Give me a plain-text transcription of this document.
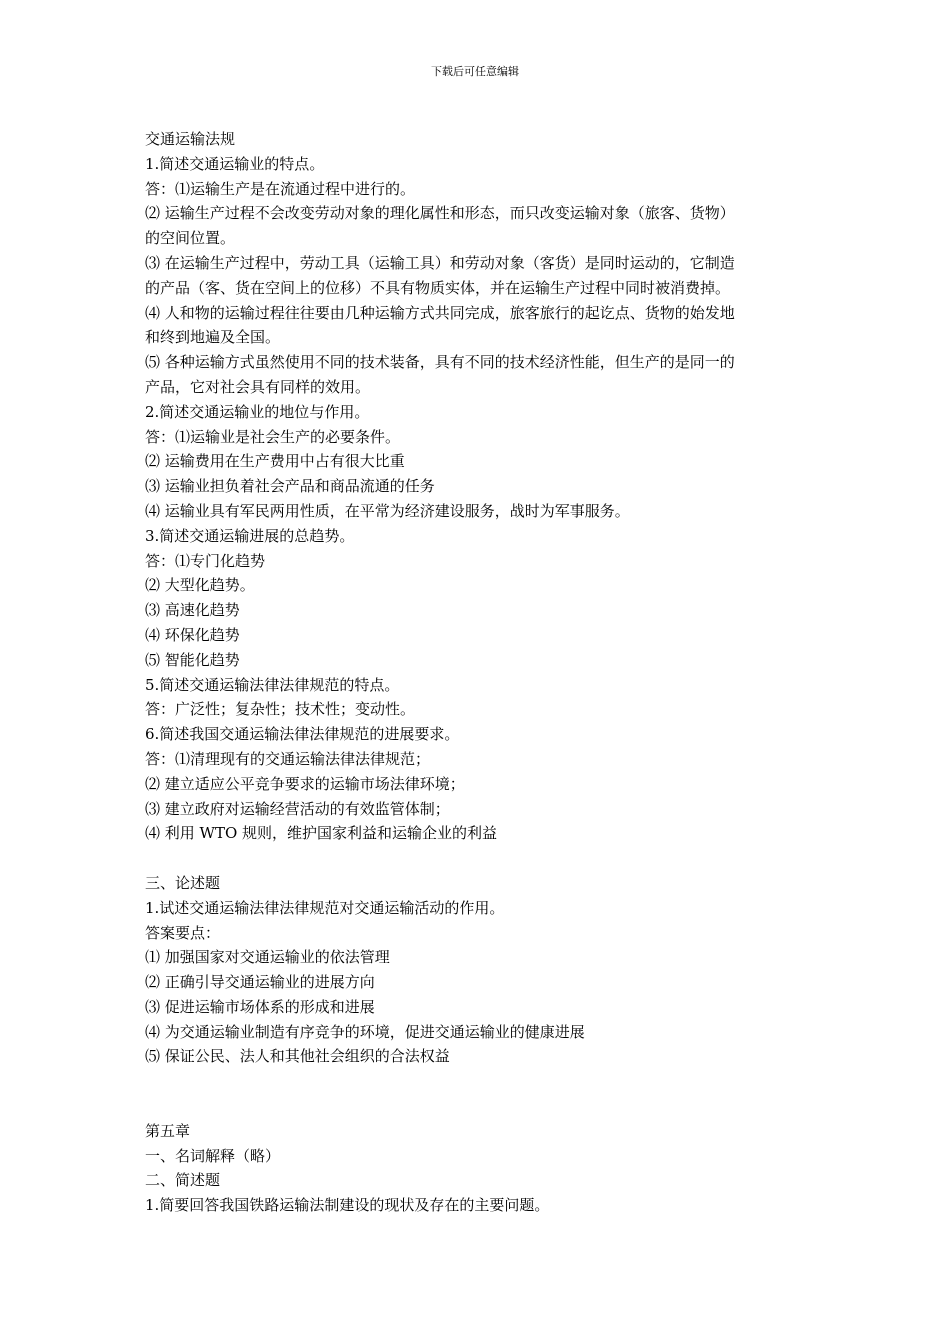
下载后可任意编辑
交通运输法规
1.简述交通运输业的特点。
答：⑴运输生产是在流通过程中进行的。
⑵ 运输生产过程不会改变劳动对象的理化属性和形态，而只改变运输对象（旅客、货物）
的空间位置。
⑶ 在运输生产过程中，劳动工具（运输工具）和劳动对象（客货）是同时运动的，它制造
的产品（客、货在空间上的位移）不具有物质实体，并在运输生产过程中同时被消费掉。
⑷ 人和物的运输过程往往要由几种运输方式共同完成，旅客旅行的起讫点、货物的始发地
和终到地遍及全国。
⑸ 各种运输方式虽然使用不同的技术装备，具有不同的技术经济性能，但生产的是同一的
产品，它对社会具有同样的效用。
2.简述交通运输业的地位与作用。
答：⑴运输业是社会生产的必要条件。
⑵ 运输费用在生产费用中占有很大比重
⑶ 运输业担负着社会产品和商品流通的任务
⑷ 运输业具有军民两用性质，在平常为经济建设服务，战时为军事服务。
3.简述交通运输进展的总趋势。
答：⑴专门化趋势
⑵ 大型化趋势。
⑶ 高速化趋势
⑷ 环保化趋势
⑸ 智能化趋势
5.简述交通运输法律法律规范的特点。
答：广泛性；复杂性；技术性；变动性。
6.简述我国交通运输法律法律规范的进展要求。
答：⑴清理现有的交通运输法律法律规范；
⑵ 建立适应公平竞争要求的运输市场法律环境；
⑶ 建立政府对运输经营活动的有效监管体制；
⑷ 利用 WTO 规则，维护国家利益和运输企业的利益
三、论述题
1.试述交通运输法律法律规范对交通运输活动的作用。
答案要点：
⑴ 加强国家对交通运输业的依法管理
⑵ 正确引导交通运输业的进展方向
⑶ 促进运输市场体系的形成和进展
⑷ 为交通运输业制造有序竞争的环境，促进交通运输业的健康进展
⑸ 保证公民、法人和其他社会组织的合法权益
第五章
一、名词解释（略）
二、简述题
1.简要回答我国铁路运输法制建设的现状及存在的主要问题。
